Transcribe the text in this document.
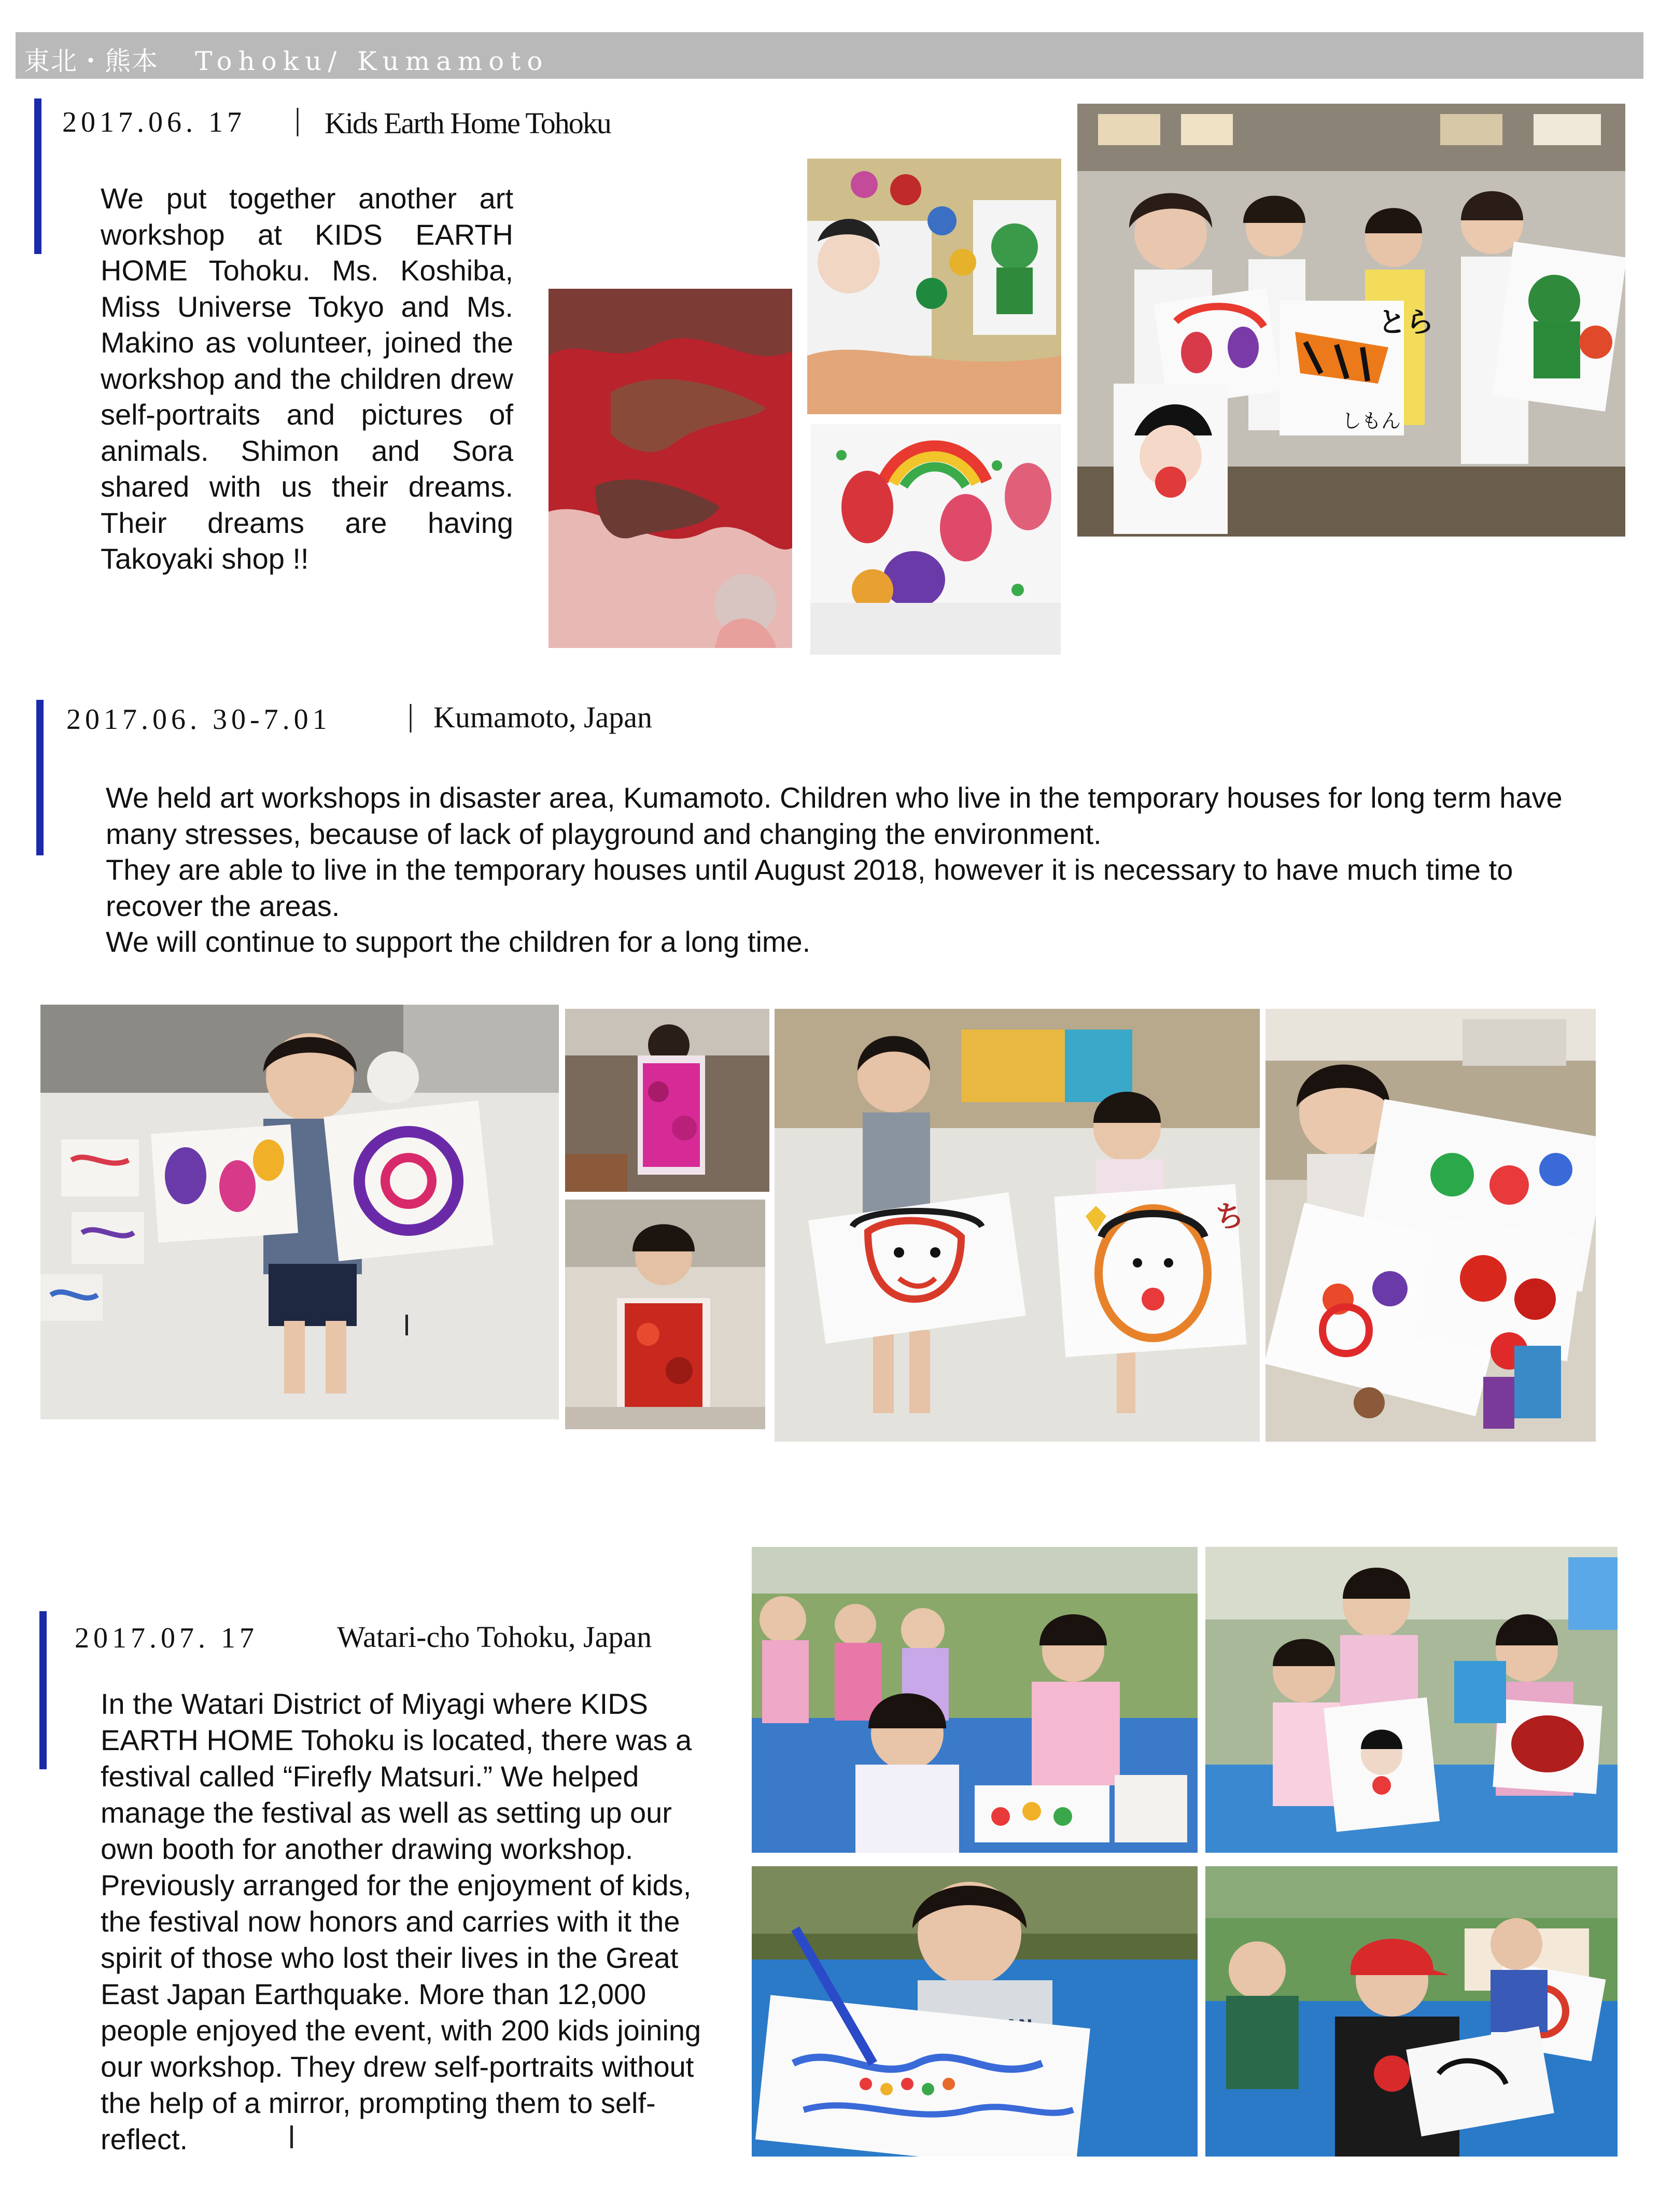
東北・熊本 Tohoku/ Kumamoto
2017.06. 17 | Kids Earth Home Tohoku
We put together another art workshop at KIDS EARTH HOME Tohoku. Ms. Koshiba, Miss Universe Tokyo and Ms. Makino as volunteer, joined the workshop and the children drew self-portraits and pictures of animals. Shimon and Sora shared with us their dreams. Their dreams are having Takoyaki shop !!
とら
しもん
2017.06. 30-7.01 | Kumamoto, Japan
We held art workshops in disaster area, Kumamoto. Children who live in the temporary houses for long term have many stresses, because of lack of playground and changing the environment.
They are able to live in the temporary houses until August 2018, however it is necessary to have much time to recover the areas.
We will continue to support the children for a long time.
ち
2017.07. 17	Watari-cho Tohoku, Japan
In the Watari District of Miyagi where KIDS EARTH HOME Tohoku is located, there was a festival called “Firefly Matsuri.” We helped manage the festival as well as setting up our own booth for another drawing workshop. Previously arranged for the enjoyment of kids, the festival now honors and carries with it the spirit of those who lost their lives in the Great East Japan Earthquake. More than 12,000 people enjoyed the event, with 200 kids joining our workshop. They drew self-portraits without the help of a mirror, prompting them to self-reflect.
